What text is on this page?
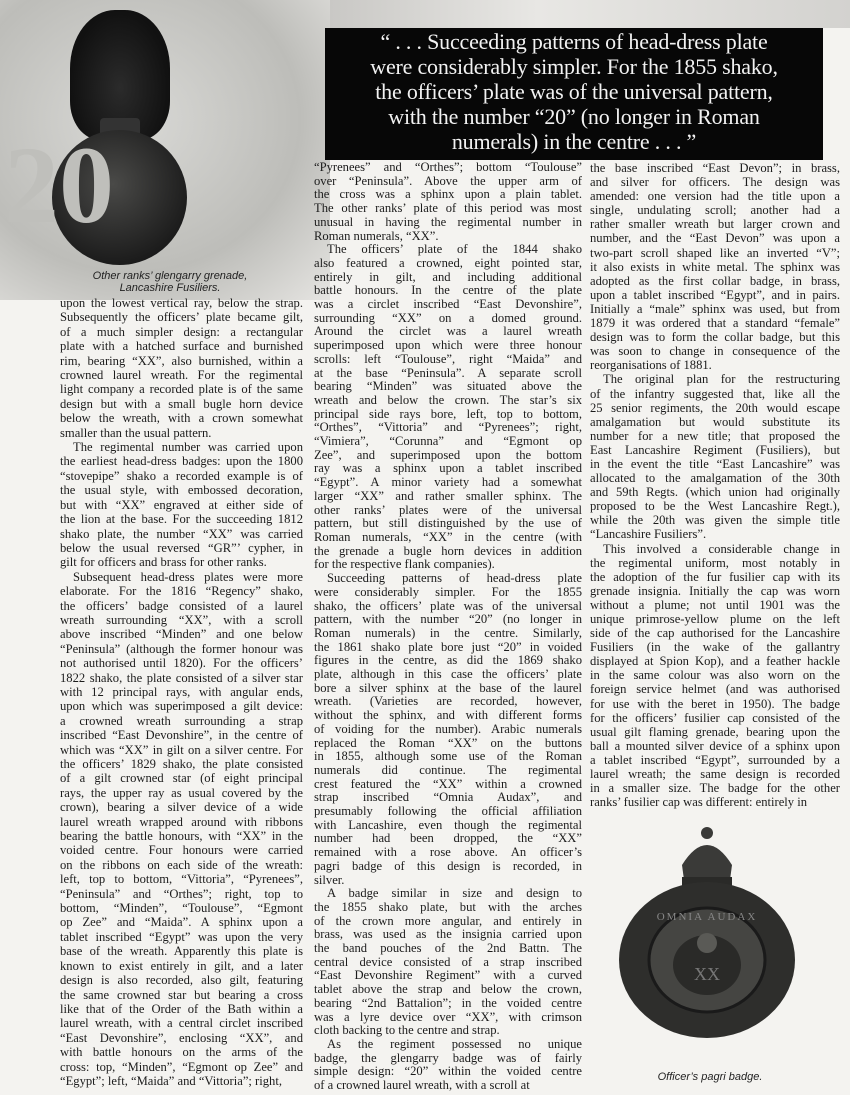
20
Other ranks’ glengarry grenade,
Lancashire Fusiliers.
“ . . . Succeeding patterns of head-dress plate
were considerably simpler. For the 1855 shako,
the officers’ plate was of the universal pattern,
with the number “20” (no longer in Roman
numerals) in the centre . . . ”
upon the lowest vertical ray, below the strap.
Subsequently the officers’ plate became gilt,
of a much simpler design: a rectangular
plate with a hatched surface and burnished
rim, bearing “XX”, also burnished, within a
crowned laurel wreath. For the regimental
light company a recorded plate is of the same
design but with a small bugle horn device
below the wreath, with a crown somewhat
smaller than the usual pattern.
The regimental number was carried upon
the earliest head-dress badges: upon the 1800
“stovepipe” shako a recorded example is of
the usual style, with embossed decoration,
but with “XX” engraved at either side of
the lion at the base. For the succeeding 1812
shako plate, the number “XX” was carried
below the usual reversed “GR”’ cypher, in
gilt for officers and brass for other ranks.
Subsequent head-dress plates were more
elaborate. For the 1816 “Regency” shako,
the officers’ badge consisted of a laurel
wreath surrounding “XX”, with a scroll
above inscribed “Minden” and one below
“Peninsula” (although the former honour was
not authorised until 1820). For the officers’
1822 shako, the plate consisted of a silver star
with 12 principal rays, with angular ends,
upon which was superimposed a gilt device:
a crowned wreath surrounding a strap
inscribed “East Devonshire”, in the centre of
which was “XX” in gilt on a silver centre. For
the officers’ 1829 shako, the plate consisted
of a gilt crowned star (of eight principal
rays, the upper ray as usual covered by the
crown), bearing a silver device of a wide
laurel wreath wrapped around with ribbons
bearing the battle honours, with “XX” in the
voided centre. Four honours were carried
on the ribbons on each side of the wreath:
left, top to bottom, “Vittoria”, “Pyrenees”,
“Peninsula” and “Orthes”; right, top to
bottom, “Minden”, “Toulouse”, “Egmont
op Zee” and “Maida”. A sphinx upon a
tablet inscribed “Egypt” was upon the very
base of the wreath. Apparently this plate is
known to exist entirely in gilt, and a later
design is also recorded, also gilt, featuring
the same crowned star but bearing a cross
like that of the Order of the Bath within a
laurel wreath, with a central circlet inscribed
“East Devonshire”, enclosing “XX”, and
with battle honours on the arms of the
cross: top, “Minden”, “Egmont op Zee” and
“Egypt”; left, “Maida” and “Vittoria”; right,
“Pyrenees” and “Orthes”; bottom “Toulouse”
over “Peninsula”. Above the upper arm of
the cross was a sphinx upon a plain tablet.
The other ranks’ plate of this period was most
unusual in having the regimental number in
Roman numerals, “XX”.
The officers’ plate of the 1844 shako
also featured a crowned, eight pointed star,
entirely in gilt, and including additional
battle honours. In the centre of the plate
was a circlet inscribed “East Devonshire”,
surrounding “XX” on a domed ground.
Around the circlet was a laurel wreath
superimposed upon which were three honour
scrolls: left “Toulouse”, right “Maida” and
at the base “Peninsula”. A separate scroll
bearing “Minden” was situated above the
wreath and below the crown. The star’s six
principal side rays bore, left, top to bottom,
“Orthes”, “Vittoria” and “Pyrenees”; right,
“Vimiera”, “Corunna” and “Egmont op
Zee”, and superimposed upon the bottom
ray was a sphinx upon a tablet inscribed
“Egypt”. A minor variety had a somewhat
larger “XX” and rather smaller sphinx. The
other ranks’ plates were of the universal
pattern, but still distinguished by the use of
Roman numerals, “XX” in the centre (with
the grenade a bugle horn devices in addition
for the respective flank companies).
Succeeding patterns of head-dress plate
were considerably simpler. For the 1855
shako, the officers’ plate was of the universal
pattern, with the number “20” (no longer in
Roman numerals) in the centre. Similarly,
the 1861 shako plate bore just “20” in voided
figures in the centre, as did the 1869 shako
plate, although in this case the officers’ plate
bore a silver sphinx at the base of the laurel
wreath. (Varieties are recorded, however,
without the sphinx, and with different forms
of voiding for the number). Arabic numerals
replaced the Roman “XX” on the buttons
in 1855, although some use of the Roman
numerals did continue. The regimental
crest featured the “XX” within a crowned
strap inscribed “Omnia Audax”, and
presumably following the official affiliation
with Lancashire, even though the regimental
number had been dropped, the “XX”
remained with a rose above. An officer’s
pagri badge of this design is recorded, in
silver.
A badge similar in size and design to
the 1855 shako plate, but with the arches
of the crown more angular, and entirely in
brass, was used as the insignia carried upon
the band pouches of the 2nd Battn. The
central device consisted of a strap inscribed
“East Devonshire Regiment” with a curved
tablet above the strap and below the crown,
bearing “2nd Battalion”; in the voided centre
was a lyre device over “XX”, with crimson
cloth backing to the centre and strap.
As the regiment possessed no unique
badge, the glengarry badge was of fairly
simple design: “20” within the voided centre
of a crowned laurel wreath, with a scroll at
the base inscribed “East Devon”; in brass,
and silver for officers. The design was
amended: one version had the title upon a
single, undulating scroll; another had a
rather smaller wreath but larger crown and
number, and the “East Devon” was upon a
two-part scroll shaped like an inverted “V”;
it also exists in white metal. The sphinx was
adopted as the first collar badge, in brass,
upon a tablet inscribed “Egypt”, and in pairs.
Initially a “male” sphinx was used, but from
1879 it was ordered that a standard “female”
design was to form the collar badge, but this
was soon to change in consequence of the
reorganisations of 1881.
The original plan for the restructuring
of the infantry suggested that, like all the
25 senior regiments, the 20th would escape
amalgamation but would substitute its
number for a new title; that proposed the
East Lancashire Regiment (Fusiliers), but
in the event the title “East Lancashire” was
allocated to the amalgamation of the 30th
and 59th Regts. (which union had originally
proposed to be the West Lancashire Regt.),
while the 20th was given the simple title
“Lancashire Fusiliers”.
This involved a considerable change in
the regimental uniform, most notably in
the adoption of the fur fusilier cap with its
grenade insignia. Initially the cap was worn
without a plume; not until 1901 was the
unique primrose-yellow plume on the left
side of the cap authorised for the Lancashire
Fusiliers (in the wake of the gallantry
displayed at Spion Kop), and a feather hackle
in the same colour was also worn on the
foreign service helmet (and was authorised
for use with the beret in 1950). The badge
for the officers’ fusilier cap consisted of the
usual gilt flaming grenade, bearing upon the
ball a mounted silver device of a sphinx upon
a tablet inscribed “Egypt”, surrounded by a
laurel wreath; the same design is recorded
in a smaller size. The badge for the other
ranks’ fusilier cap was different: entirely in
XX
OMNIA AUDAX
Officer’s pagri badge.
